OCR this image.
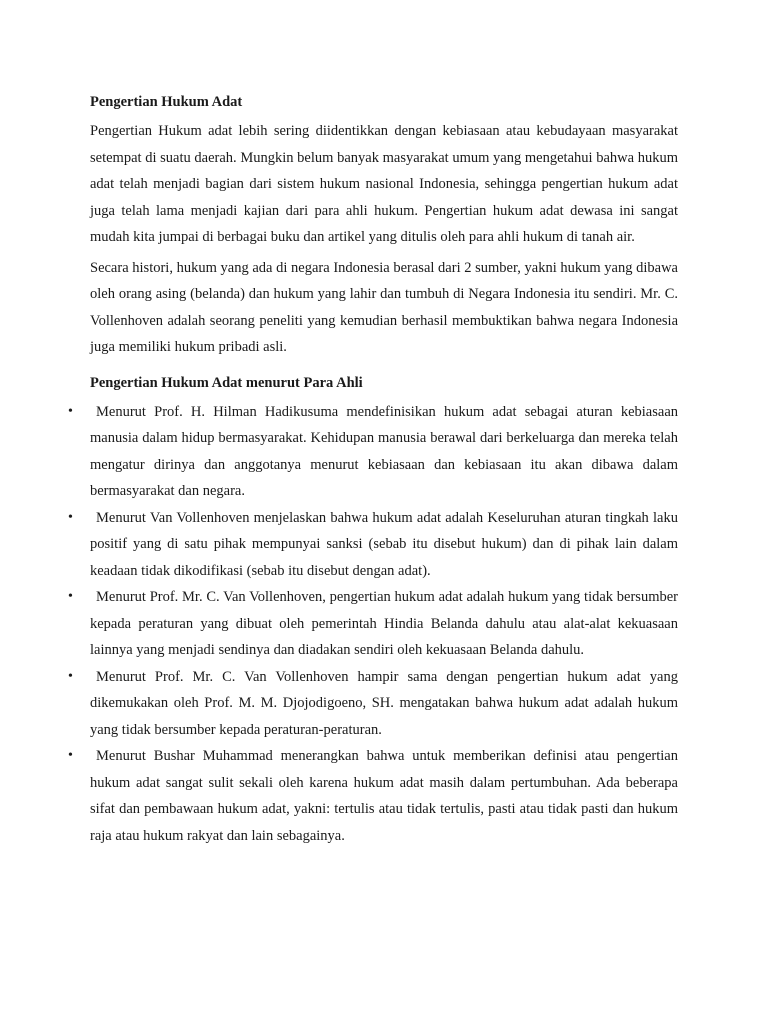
Pengertian Hukum Adat

Pengertian Hukum adat lebih sering diidentikkan dengan kebiasaan atau kebudayaan masyarakat setempat di suatu daerah. Mungkin belum banyak masyarakat umum yang mengetahui bahwa hukum adat telah menjadi bagian dari sistem hukum nasional Indonesia, sehingga pengertian hukum adat juga telah lama menjadi kajian dari para ahli hukum. Pengertian hukum adat dewasa ini sangat mudah kita jumpai di berbagai buku dan artikel yang ditulis oleh para ahli hukum di tanah air.

Secara histori, hukum yang ada di negara Indonesia berasal dari 2 sumber, yakni hukum yang dibawa oleh orang asing (belanda) dan hukum yang lahir dan tumbuh di Negara Indonesia itu sendiri. Mr. C. Vollenhoven adalah seorang peneliti yang kemudian berhasil membuktikan bahwa negara Indonesia juga memiliki hukum pribadi asli.

Pengertian Hukum Adat menurut Para Ahli
•	Menurut Prof. H. Hilman Hadikusuma mendefinisikan hukum adat sebagai aturan kebiasaan manusia dalam hidup bermasyarakat. Kehidupan manusia berawal dari berkeluarga dan mereka telah mengatur dirinya dan anggotanya menurut kebiasaan dan kebiasaan itu akan dibawa dalam bermasyarakat dan negara.
•	Menurut Van Vollenhoven menjelaskan bahwa hukum adat adalah Keseluruhan aturan tingkah laku positif yang di satu pihak mempunyai sanksi (sebab itu disebut hukum) dan di pihak lain dalam keadaan tidak dikodifikasi (sebab itu disebut dengan adat).
•	Menurut Prof. Mr. C. Van Vollenhoven, pengertian hukum adat adalah hukum yang tidak bersumber kepada peraturan yang dibuat oleh pemerintah Hindia Belanda dahulu atau alat-alat kekuasaan lainnya yang menjadi sendinya dan diadakan sendiri oleh kekuasaan Belanda dahulu.
•	Menurut Prof. Mr. C. Van Vollenhoven hampir sama dengan pengertian hukum adat yang dikemukakan oleh Prof. M. M. Djojodigoeno, SH. mengatakan bahwa hukum adat adalah hukum yang tidak bersumber kepada peraturan-peraturan.
•	Menurut Bushar Muhammad menerangkan bahwa untuk memberikan definisi atau pengertian hukum adat sangat sulit sekali oleh karena hukum adat masih dalam pertumbuhan. Ada beberapa sifat dan pembawaan hukum adat, yakni: tertulis atau tidak tertulis, pasti atau tidak pasti dan hukum raja atau hukum rakyat dan lain sebagainya.
